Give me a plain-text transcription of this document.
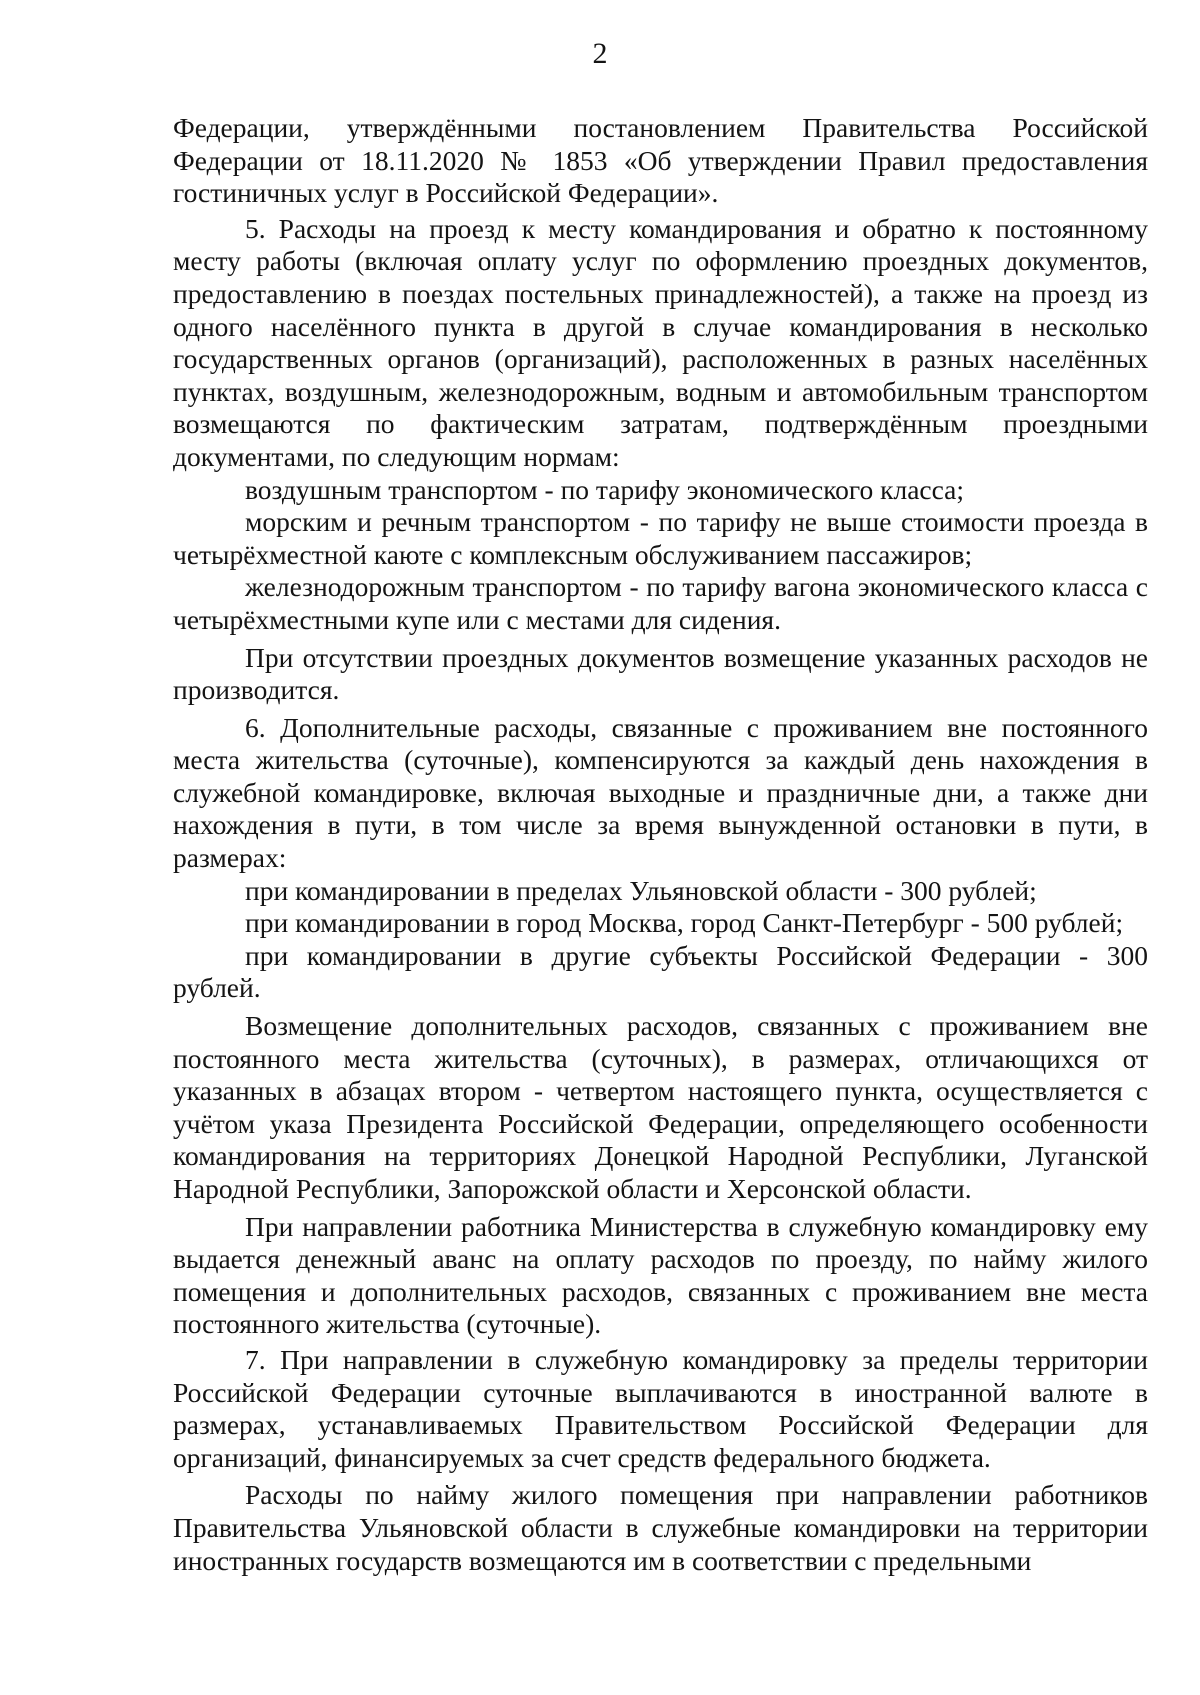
2

Федерации, утверждёнными постановлением Правительства Российской Федерации от 18.11.2020 № 1853 «Об утверждении Правил предоставления гостиничных услуг в Российской Федерации».

5. Расходы на проезд к месту командирования и обратно к постоянному месту работы (включая оплату услуг по оформлению проездных документов, предоставлению в поездах постельных принадлежностей), а также на проезд из одного населённого пункта в другой в случае командирования в несколько государственных органов (организаций), расположенных в разных населённых пунктах, воздушным, железнодорожным, водным и автомобильным транспортом возмещаются по фактическим затратам, подтверждённым проездными документами, по следующим нормам:

воздушным транспортом - по тарифу экономического класса;

морским и речным транспортом - по тарифу не выше стоимости проезда в четырёхместной каюте с комплексным обслуживанием пассажиров;

железнодорожным транспортом - по тарифу вагона экономического класса с четырёхместными купе или с местами для сидения.

При отсутствии проездных документов возмещение указанных расходов не производится.

6. Дополнительные расходы, связанные с проживанием вне постоянного места жительства (суточные), компенсируются за каждый день нахождения в служебной командировке, включая выходные и праздничные дни, а также дни нахождения в пути, в том числе за время вынужденной остановки в пути, в размерах:

при командировании в пределах Ульяновской области - 300 рублей;

при командировании в город Москва, город Санкт-Петербург - 500 рублей;

при командировании в другие субъекты Российской Федерации - 300 рублей.

Возмещение дополнительных расходов, связанных с проживанием вне постоянного места жительства (суточных), в размерах, отличающихся от указанных в абзацах втором - четвертом настоящего пункта, осуществляется с учётом указа Президента Российской Федерации, определяющего особенности командирования на территориях Донецкой Народной Республики, Луганской Народной Республики, Запорожской области и Херсонской области.

При направлении работника Министерства в служебную командировку ему выдается денежный аванс на оплату расходов по проезду, по найму жилого помещения и дополнительных расходов, связанных с проживанием вне места постоянного жительства (суточные).

7. При направлении в служебную командировку за пределы территории Российской Федерации суточные выплачиваются в иностранной валюте в размерах, устанавливаемых Правительством Российской Федерации для организаций, финансируемых за счет средств федерального бюджета.

Расходы по найму жилого помещения при направлении работников Правительства Ульяновской области в служебные командировки на территории иностранных государств возмещаются им в соответствии с предельными
